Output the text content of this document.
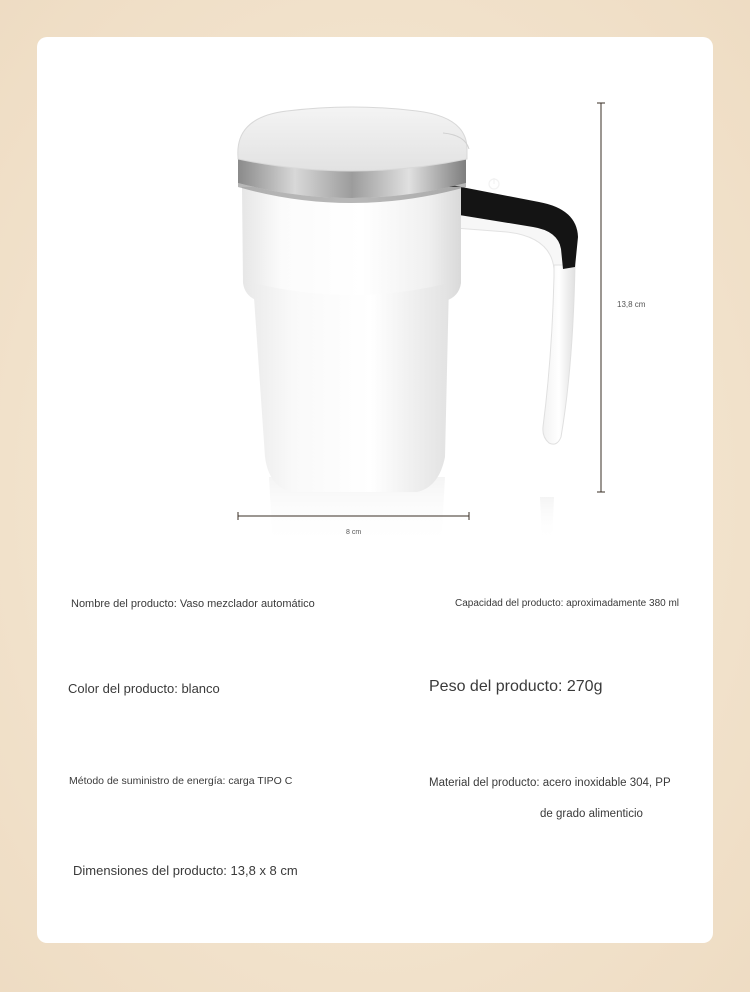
13,8 cm
8 cm
Nombre del producto: Vaso mezclador automático	Capacidad del producto: aproximadamente 380 ml
Color del producto: blanco	Peso del producto: 270g
Método de suministro de energía: carga TIPO C	Material del producto: acero inoxidable 304, PP
de grado alimenticio
Dimensiones del producto: 13,8 x 8 cm
